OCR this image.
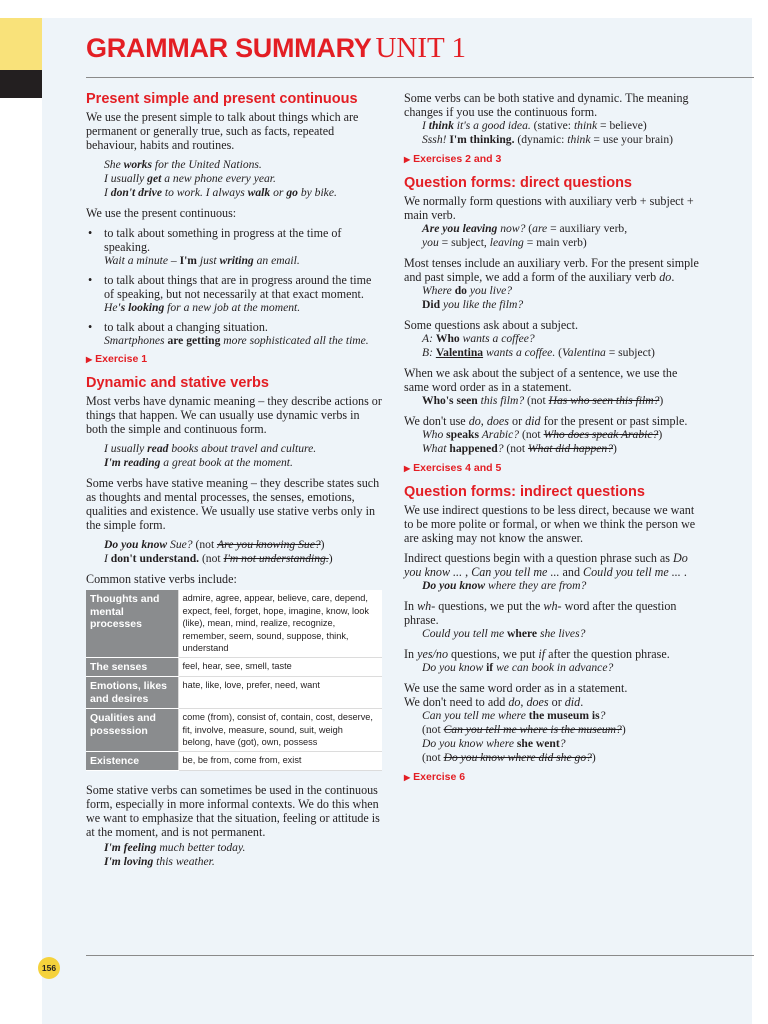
GRAMMAR SUMMARY UNIT 1
Present simple and present continuous

We use the present simple to talk about things which are permanent or generally true, such as facts, repeated behaviour, habits and routines.

She works for the United Nations.
I usually get a new phone every year.
I don't drive to work. I always walk or go by bike.

We use the present continuous:

• to talk about something in progress at the time of speaking.
Wait a minute – I'm just writing an email.
• to talk about things that are in progress around the time of speaking, but not necessarily at that exact moment.
He's looking for a new job at the moment.
• to talk about a changing situation.
Smartphones are getting more sophisticated all the time.
▶ Exercise 1
Dynamic and stative verbs

Most verbs have dynamic meaning – they describe actions or things that happen. We can usually use dynamic verbs in both the simple and continuous form.

I usually read books about travel and culture.
I'm reading a great book at the moment.

Some verbs have stative meaning – they describe states such as thoughts and mental processes, the senses, emotions, qualities and existence. We usually use stative verbs only in the simple form.

Do you know Sue? (not Are you knowing Sue?)
I don't understand. (not I'm not understanding.)

Common stative verbs include:

Thoughts and mental processes	admire, agree, appear, believe, care, depend, expect, feel, forget, hope, imagine, know, look (like), mean, mind, realize, recognize, remember, seem, sound, suppose, think, understand
The senses	feel, hear, see, smell, taste
Emotions, likes and desires	hate, like, love, prefer, need, want
Qualities and possession	come (from), consist of, contain, cost, deserve, fit, involve, measure, sound, suit, weigh
belong, have (got), own, possess

Existence	be, be from, come from, exist

Some stative verbs can sometimes be used in the continuous form, especially in more informal contexts. We do this when we want to emphasize that the situation, feeling or attitude is at the moment, and is not permanent.

I'm feeling much better today.
I'm loving this weather.

Some verbs can be both stative and dynamic. The meaning changes if you use the continuous form.

I think it's a good idea. (stative: think = believe)
Sssh! I'm thinking. (dynamic: think = use your brain)
▶ Exercises 2 and 3
Question forms: direct questions

We normally form questions with auxiliary verb + subject + main verb.

Are you leaving now? (are = auxiliary verb,
you = subject, leaving = main verb)

Most tenses include an auxiliary verb. For the present simple and past simple, we add a form of the auxiliary verb do.

Where do you live?
Did you like the film?

Some questions ask about a subject.

A: Who wants a coffee?
B: Valentina wants a coffee. (Valentina = subject)

When we ask about the subject of a sentence, we use the same word order as in a statement.

Who's seen this film? (not Has who seen this film?)

We don't use do, does or did for the present or past simple.

Who speaks Arabic? (not Who does speak Arabic?)
What happened? (not What did happen?)
▶ Exercises 4 and 5
Question forms: indirect questions

We use indirect questions to be less direct, because we want to be more polite or formal, or when we think the person we are asking may not know the answer.

Indirect questions begin with a question phrase such as Do you know ... , Can you tell me ... and Could you tell me ... .

Do you know where they are from?

In wh- questions, we put the wh- word after the question phrase.

Could you tell me where she lives?

In yes/no questions, we put if after the question phrase.

Do you know if we can book in advance?

We use the same word order as in a statement.

We don't need to add do, does or did.

Can you tell me where the museum is?
(not Can you tell me where is the museum?)
Do you know where she went?
(not Do you know where did she go?)
▶ Exercise 6
156
